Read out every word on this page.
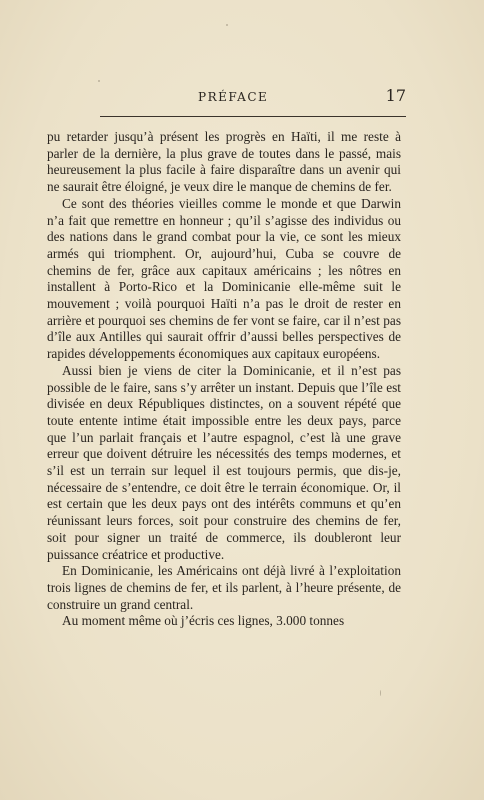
PRÉFACE	17

pu retarder jusqu’à présent les progrès en Haïti, il me reste à parler de la dernière, la plus grave de toutes dans le passé, mais heureusement la plus facile à faire disparaître dans un avenir qui ne saurait être éloigné, je veux dire le manque de chemins de fer.

Ce sont des théories vieilles comme le monde et que Darwin n’a fait que remettre en honneur ; qu’il s’agisse des individus ou des nations dans le grand combat pour la vie, ce sont les mieux armés qui triomphent. Or, aujourd’hui, Cuba se couvre de chemins de fer, grâce aux capitaux américains ; les nôtres en installent à Porto-Rico et la Dominicanie elle-même suit le mouvement ; voilà pourquoi Haïti n’a pas le droit de rester en arrière et pourquoi ses chemins de fer vont se faire, car il n’est pas d’île aux Antilles qui saurait offrir d’aussi belles perspectives de rapides développements économiques aux capitaux européens.

Aussi bien je viens de citer la Dominicanie, et il n’est pas possible de le faire, sans s’y arrêter un instant. Depuis que l’île est divisée en deux Républiques distinctes, on a souvent répété que toute entente intime était impossible entre les deux pays, parce que l’un parlait français et l’autre espagnol, c’est là une grave erreur que doivent détruire les nécessités des temps modernes, et s’il est un terrain sur lequel il est toujours permis, que dis-je, nécessaire de s’entendre, ce doit être le terrain économique. Or, il est certain que les deux pays ont des intérêts communs et qu’en réunissant leurs forces, soit pour construire des chemins de fer, soit pour signer un traité de commerce, ils doubleront leur puissance créatrice et productive.

En Dominicanie, les Américains ont déjà livré à l’exploitation trois lignes de chemins de fer, et ils parlent, à l’heure présente, de construire un grand central.

Au moment même où j’écris ces lignes, 3.000 tonnes
